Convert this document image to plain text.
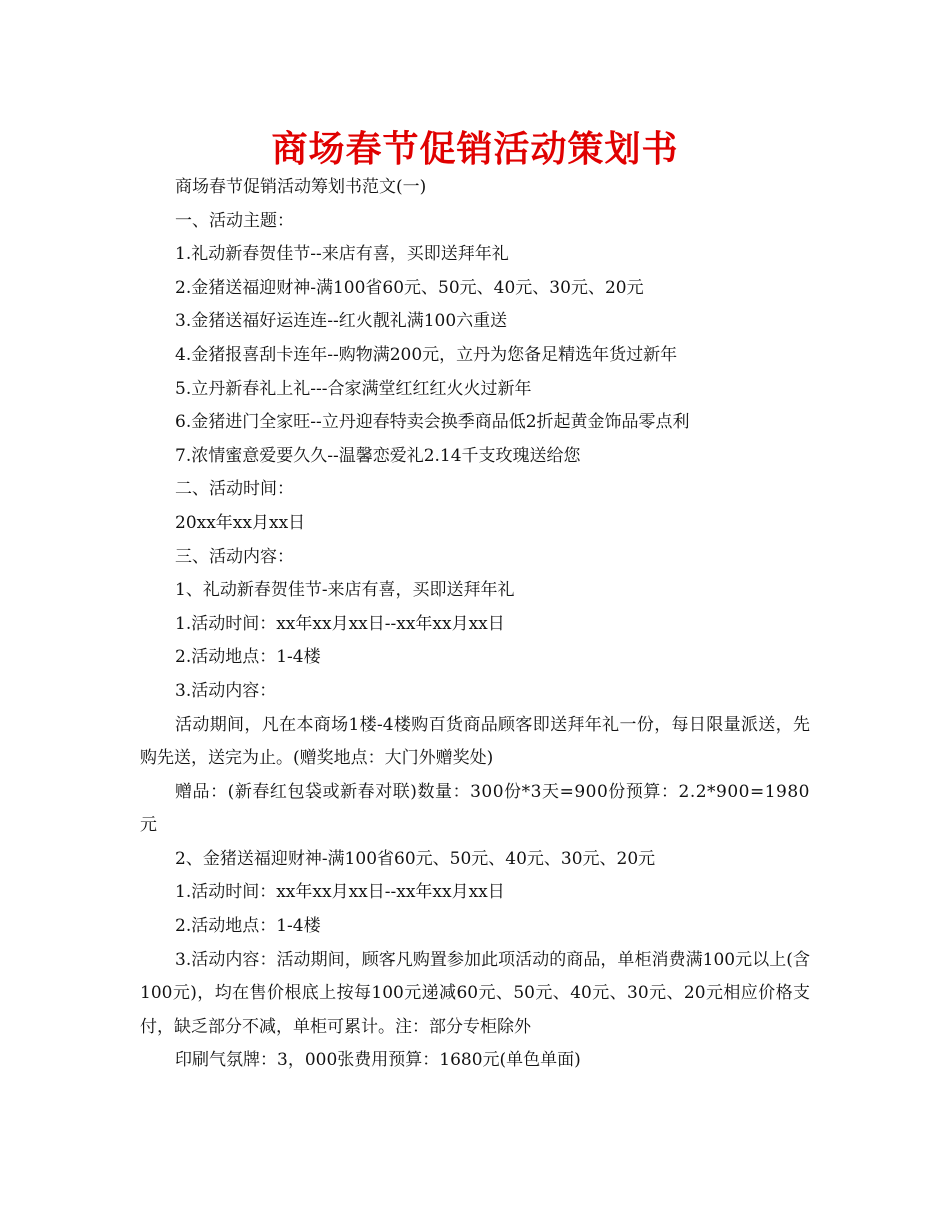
商场春节促销活动策划书

商场春节促销活动筹划书范文(一)

一、活动主题：

1.礼动新春贺佳节--来店有喜，买即送拜年礼

2.金猪送福迎财神-满100省60元、50元、40元、30元、20元

3.金猪送福好运连连--红火靓礼满100六重送

4.金猪报喜刮卡连年--购物满200元，立丹为您备足精选年货过新年

5.立丹新春礼上礼---合家满堂红红红火火过新年

6.金猪进门全家旺--立丹迎春特卖会换季商品低2折起黄金饰品零点利

7.浓情蜜意爱要久久--温馨恋爱礼2.14千支玫瑰送给您

二、活动时间：

20xx年xx月xx日

三、活动内容：

1、礼动新春贺佳节-来店有喜，买即送拜年礼

1.活动时间：xx年xx月xx日--xx年xx月xx日

2.活动地点：1-4楼

3.活动内容：

活动期间，凡在本商场1楼-4楼购百货商品顾客即送拜年礼一份，每日限量派送，先购先送，送完为止。(赠奖地点：大门外赠奖处)

赠品：(新春红包袋或新春对联)数量：300份*3天=900份预算：2.2*900=1980元

2、金猪送福迎财神-满100省60元、50元、40元、30元、20元

1.活动时间：xx年xx月xx日--xx年xx月xx日

2.活动地点：1-4楼

3.活动内容：活动期间，顾客凡购置参加此项活动的商品，单柜消费满100元以上(含100元)，均在售价根底上按每100元递减60元、50元、40元、30元、20元相应价格支付，缺乏部分不减，单柜可累计。注：部分专柜除外

印刷气氛牌：3，000张费用预算：1680元(单色单面)
